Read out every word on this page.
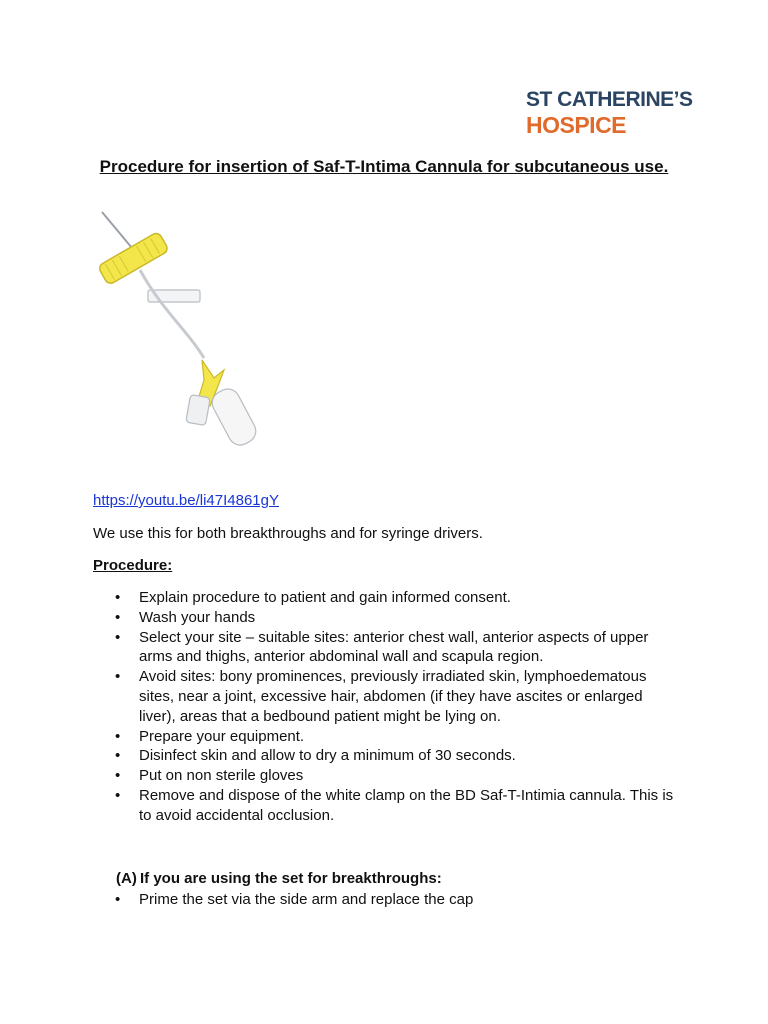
ST CATHERINE’S
HOSPICE
Procedure for insertion of Saf-T-Intima Cannula for subcutaneous use.
https://youtu.be/li47I4861gY
We use this for both breakthroughs and for syringe drivers.
Procedure:
• Explain procedure to patient and gain informed consent.
• Wash your hands
• Select your site – suitable sites: anterior chest wall, anterior aspects of upper arms and thighs, anterior abdominal wall and scapula region.
• Avoid sites: bony prominences, previously irradiated skin, lymphoedematous sites, near a joint, excessive hair, abdomen (if they have ascites or enlarged liver), areas that a bedbound patient might be lying on.
• Prepare your equipment.
• Disinfect skin and allow to dry a minimum of 30 seconds.
• Put on non sterile gloves
• Remove and dispose of the white clamp on the BD Saf-T-Intimia cannula. This is to avoid accidental occlusion.
(A) If you are using the set for breakthroughs:
• Prime the set via the side arm and replace the cap
